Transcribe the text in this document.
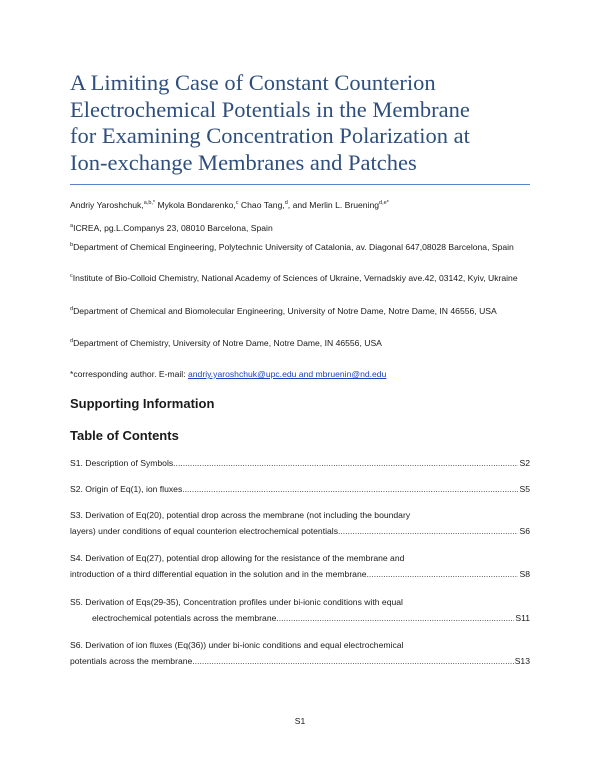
A Limiting Case of Constant Counterion
Electrochemical Potentials in the Membrane
for Examining Concentration Polarization at
Ion-exchange Membranes and Patches
Andriy Yaroshchuk,$^{a,b,*}$ Mykola Bondarenko,$^c$ Chao Tang,$^d$, and Merlin L. Bruening$^{d,e*}$
$^a$ICREA, pg.L.Companys 23, 08010 Barcelona, Spain
$^b$Department of Chemical Engineering, Polytechnic University of Catalonia, av. Diagonal 647,08028 Barcelona, Spain
$^c$Institute of Bio-Colloid Chemistry, National Academy of Sciences of Ukraine, Vernadskiy ave.42, 03142, Kyiv, Ukraine
$^d$Department of Chemical and Biomolecular Engineering, University of Notre Dame, Notre Dame, IN 46556, USA
$^d$Department of Chemistry, University of Notre Dame, Notre Dame, IN 46556, USA
*corresponding author. E-mail: andriy.yaroshchuk@upc.edu and mbruenin@nd.edu
Supporting Information
Table of Contents
S1. Description of Symbols .....	S2
S2. Origin of Eq(1), ion fluxes .....	S5
S3. Derivation of Eq(20), potential drop across the membrane (not including the boundary
layers) under conditions of equal counterion electrochemical potentials .....	S6
S4. Derivation of Eq(27), potential drop allowing for the resistance of the membrane and
introduction of a third differential equation in the solution and in the membrane .....	S8
S5. Derivation of Eqs(29-35), Concentration profiles under bi-ionic conditions with equal
electrochemical potentials across the membrane .....	S11
S6. Derivation of ion fluxes (Eq(36)) under bi-ionic conditions and equal electrochemical
potentials across the membrane .....	S13
S1
